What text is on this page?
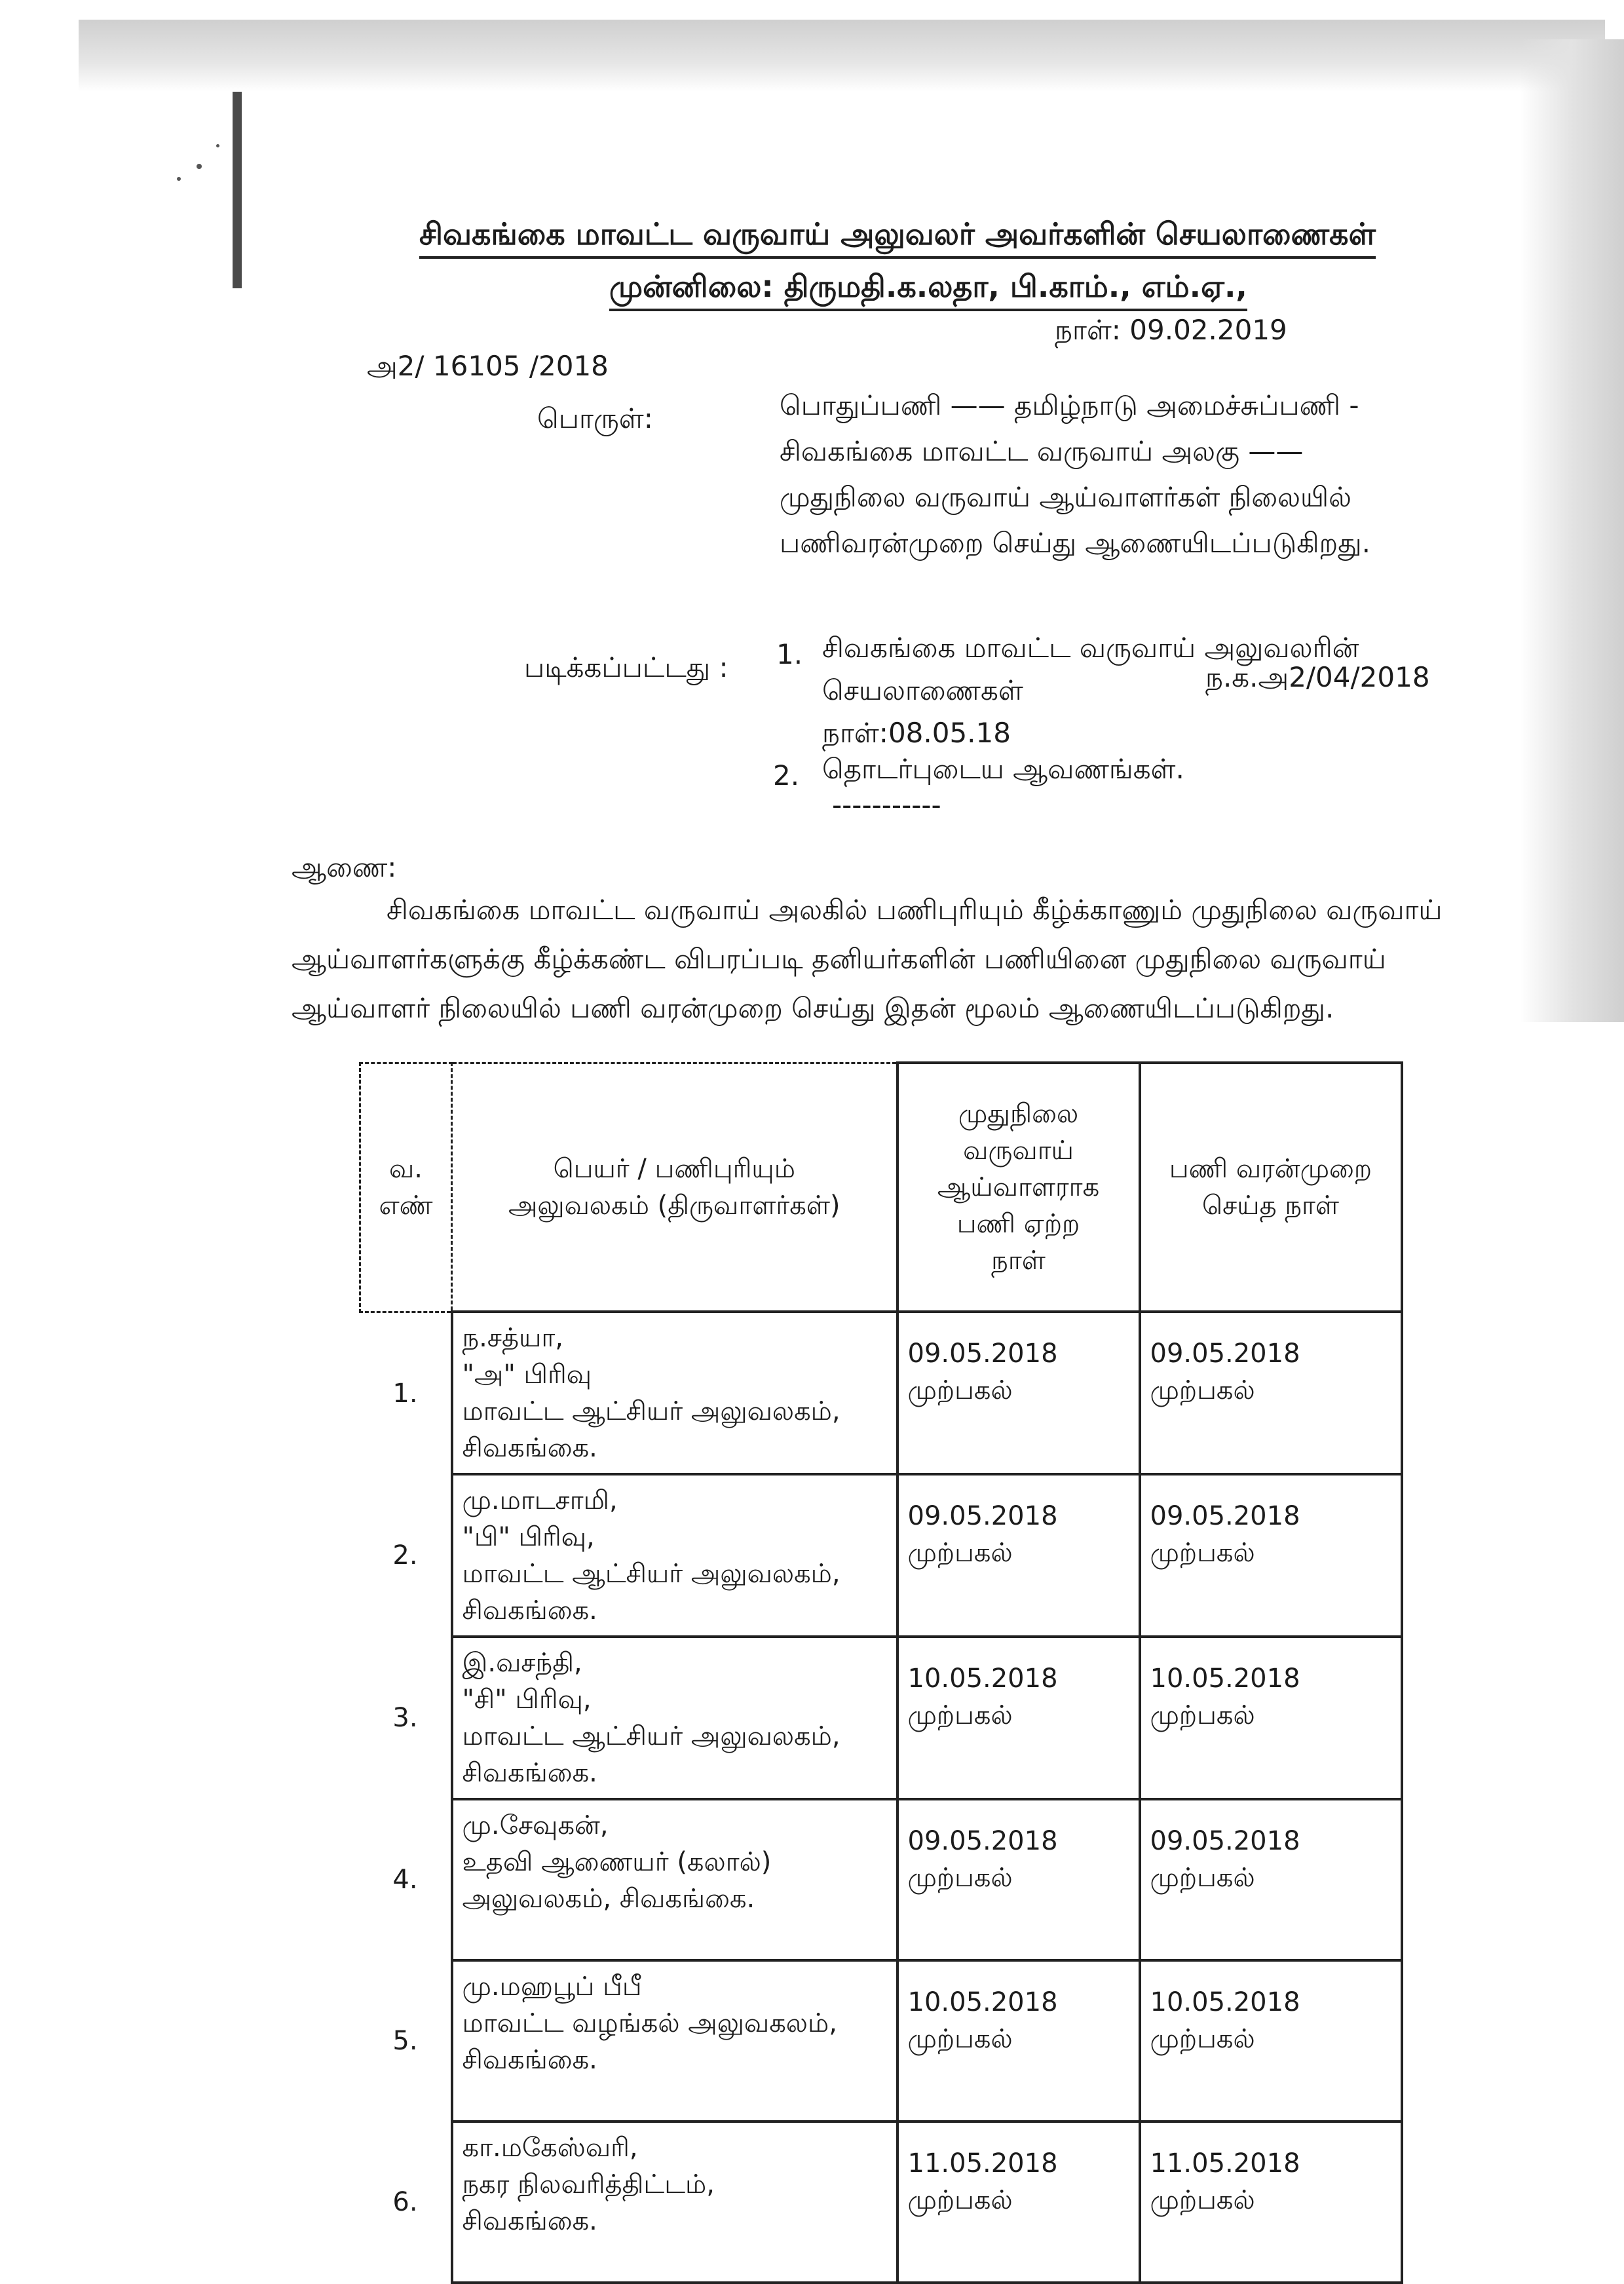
சிவகங்கை மாவட்ட வருவாய் அலுவலர் அவர்களின் செயலாணைகள்
முன்னிலை: திருமதி.க.லதா, பி.காம்., எம்.ஏ.,
நாள்: 09.02.2019
அ2/ 16105 /2018
பொருள்:	பொதுப்பணி —— தமிழ்நாடு அமைச்சுப்பணி -
சிவகங்கை மாவட்ட வருவாய் அலகு ——
முதுநிலை வருவாய் ஆய்வாளர்கள் நிலையில்
பணிவரன்முறை செய்து ஆணையிடப்படுகிறது.
படிக்கப்பட்டது : 1. சிவகங்கை மாவட்ட வருவாய் அலுவலரின்
செயலாணைகள்	ந.க.அ2/04/2018
நாள்:08.05.18
2. தொடர்புடைய ஆவணங்கள்.
-----------
ஆணை:
சிவகங்கை மாவட்ட வருவாய் அலகில் பணிபுரியும் கீழ்க்காணும் முதுநிலை வருவாய்
ஆய்வாளர்களுக்கு கீழ்க்கண்ட விபரப்படி தனியர்களின் பணியினை முதுநிலை வருவாய்
ஆய்வாளர் நிலையில் பணி வரன்முறை செய்து இதன் மூலம் ஆணையிடப்படுகிறது.
வ.
எண்	பெயர் / பணிபுரியும்
அலுவலகம் (திருவாளர்கள்)	முதுநிலை
வருவாய்
ஆய்வாளராக
பணி ஏற்ற
நாள்	பணி வரன்முறை
செய்த நாள்

1.	ந.சத்யா,
"அ" பிரிவு
மாவட்ட ஆட்சியர் அலுவலகம்,
சிவகங்கை.	09.05.2018
முற்பகல்	09.05.2018
முற்பகல்

2.	மு.மாடசாமி,
"பி" பிரிவு,
மாவட்ட ஆட்சியர் அலுவலகம்,
சிவகங்கை.	09.05.2018
முற்பகல்	09.05.2018
முற்பகல்

3.	இ.வசந்தி,
"சி" பிரிவு,
மாவட்ட ஆட்சியர் அலுவலகம்,
சிவகங்கை.	10.05.2018
முற்பகல்	10.05.2018
முற்பகல்

4.	மு.சேவுகன்,
உதவி ஆணையர் (கலால்)
அலுவலகம், சிவகங்கை.	09.05.2018
முற்பகல்	09.05.2018
முற்பகல்

5.	மு.மஹபூப் பீபீ
மாவட்ட வழங்கல் அலுவகலம்,
சிவகங்கை.	10.05.2018
முற்பகல்	10.05.2018
முற்பகல்

6.	கா.மகேஸ்வரி,
நகர நிலவரித்திட்டம்,
சிவகங்கை.	11.05.2018
முற்பகல்	11.05.2018
முற்பகல்
